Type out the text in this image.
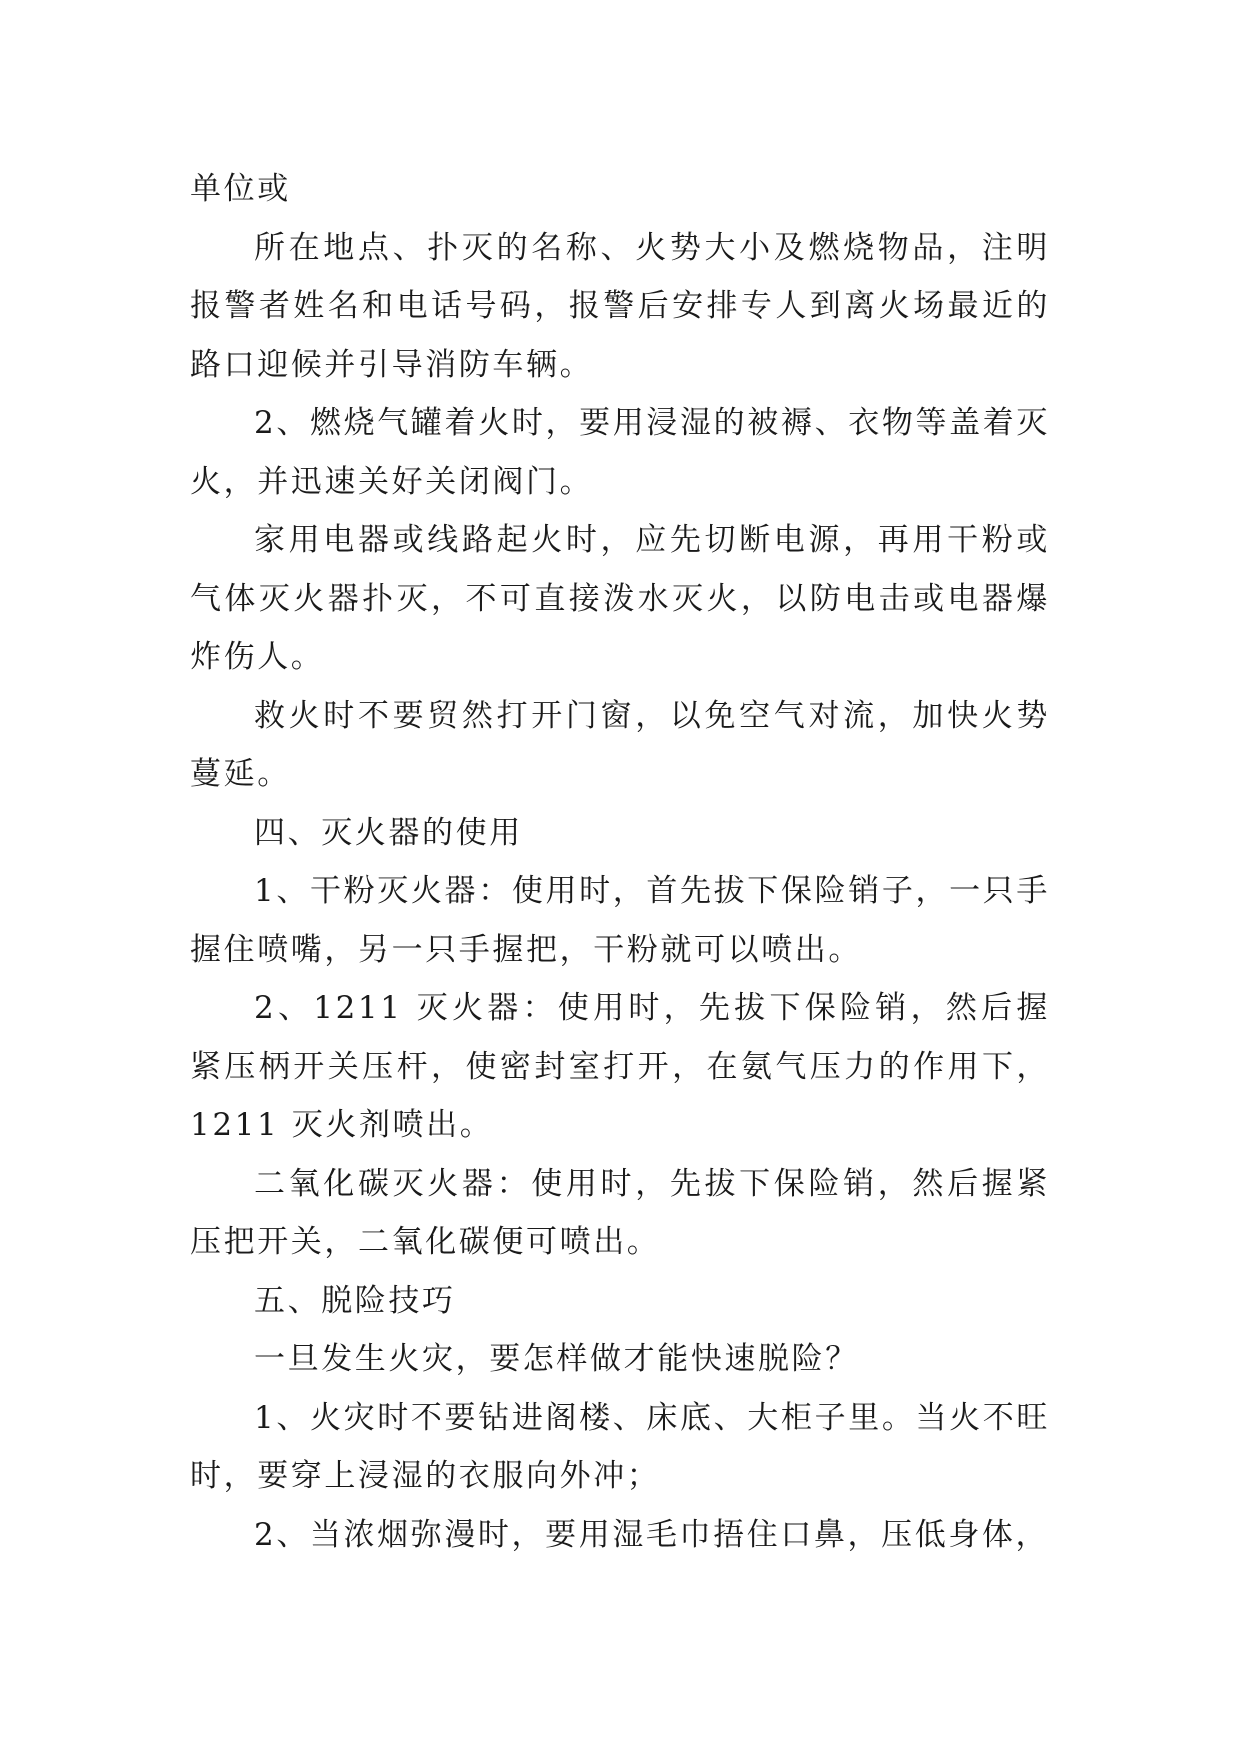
单位或

所在地点、扑灭的名称、火势大小及燃烧物品，注明报警者姓名和电话号码，报警后安排专人到离火场最近的路口迎候并引导消防车辆。

2、燃烧气罐着火时，要用浸湿的被褥、衣物等盖着灭火，并迅速关好关闭阀门。

家用电器或线路起火时，应先切断电源，再用干粉或气体灭火器扑灭，不可直接泼水灭火，以防电击或电器爆炸伤人。

救火时不要贸然打开门窗，以免空气对流，加快火势蔓延。

四、灭火器的使用

1、干粉灭火器：使用时，首先拔下保险销子，一只手握住喷嘴，另一只手握把，干粉就可以喷出。

2、1211 灭火器：使用时，先拔下保险销，然后握紧压柄开关压杆，使密封室打开，在氨气压力的作用下，1211 灭火剂喷出。

二氧化碳灭火器：使用时，先拔下保险销，然后握紧压把开关，二氧化碳便可喷出。

五、脱险技巧

一旦发生火灾，要怎样做才能快速脱险？

1、火灾时不要钻进阁楼、床底、大柜子里。当火不旺时，要穿上浸湿的衣服向外冲；

2、当浓烟弥漫时，要用湿毛巾捂住口鼻，压低身体，
